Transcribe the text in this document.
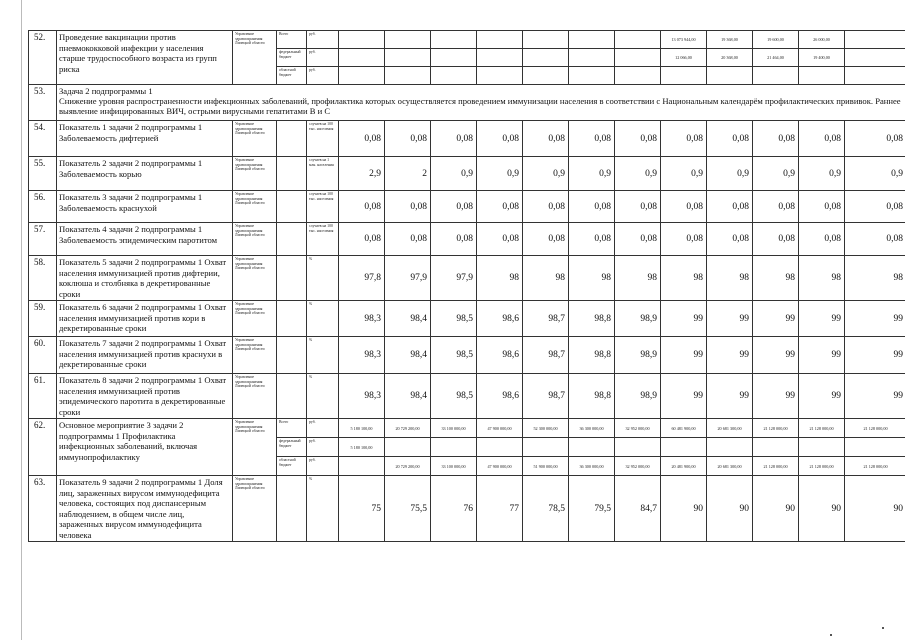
52.	Проведение вакцинации против пневмококковой инфекции у населения старше трудоспособного возраста из групп риска	Управление здравоохранения Липецкой области	Всего	руб.								13 073 944,00	19 368,00	19 600,00	26 000,00	
			федеральный бюджет	руб.								12 066,00	20 368,00	21 464,00	19 400,00	
			областной бюджет	руб.												
53.	Задача 2 подпрограммы 1
Снижение уровня распространенности инфекционных заболеваний, профилактика которых осуществляется проведением иммунизации населения в соответствии с Национальным календарём профилактических прививок. Раннее выявление инфицированных ВИЧ, острыми вирусными гепатитами В и С															

54.	Показатель 1 задачи 2 подпрограммы 1 Заболеваемость дифтерией	Управление здравоохранения Липецкой области		случаев на 100 тыс. населения	0,08	0,08	0,08	0,08	0,08	0,08	0,08	0,08	0,08	0,08	0,08	0,08
55.	Показатель 2 задачи 2 подпрограммы 1 Заболеваемость корью	Управление здравоохранения Липецкой области		случаев на 1 млн. населения	2,9	2	0,9	0,9	0,9	0,9	0,9	0,9	0,9	0,9	0,9	0,9
56.	Показатель 3 задачи 2 подпрограммы 1 Заболеваемость краснухой	Управление здравоохранения Липецкой области		случаев на 100 тыс. населения	0,08	0,08	0,08	0,08	0,08	0,08	0,08	0,08	0,08	0,08	0,08	0,08
57.	Показатель 4 задачи 2 подпрограммы 1 Заболеваемость эпидемическим паротитом	Управление здравоохранения Липецкой области		случаев на 100 тыс. населения	0,08	0,08	0,08	0,08	0,08	0,08	0,08	0,08	0,08	0,08	0,08	0,08
58.	Показатель 5 задачи 2 подпрограммы 1 Охват населения иммунизацией против дифтерии, коклюша и столбняка в декретированные сроки	Управление здравоохранения Липецкой области		%	97,8	97,9	97,9	98	98	98	98	98	98	98	98	98
59.	Показатель 6 задачи 2 подпрограммы 1 Охват населения иммунизацией против кори в декретированные сроки	Управление здравоохранения Липецкой области		%	98,3	98,4	98,5	98,6	98,7	98,8	98,9	99	99	99	99	99
60.	Показатель 7 задачи 2 подпрограммы 1 Охват населения иммунизацией против краснухи в декретированные сроки	Управление здравоохранения Липецкой области		%	98,3	98,4	98,5	98,6	98,7	98,8	98,9	99	99	99	99	99
61.	Показатель 8 задачи 2 подпрограммы 1 Охват населения иммунизацией против эпидемического паротита в декретированные сроки	Управление здравоохранения Липецкой области		%	98,3	98,4	98,5	98,6	98,7	98,8	98,9	99	99	99	99	99
62.	Основное мероприятие 3 задачи 2 подпрограммы 1 Профилактика инфекционных заболеваний, включая иммунопрофилактику	Управление здравоохранения Липецкой области	Всего	руб.	5 180 100,00	20 729 200,00	33 100 000,00	47 900 000,00	52 300 000,00	36 300 000,00	32 952 000,00	60 481 900,00	20 681 300,00	21 128 000,00	21 128 000,00	21 128 000,00
			федеральный бюджет	руб.	5 180 100,00											
			областной бюджет	руб.		20 729 200,00	33 100 000,00	47 900 000,00	51 900 000,00	36 300 000,00	32 952 000,00	20 481 900,00	20 681 300,00	21 128 000,00	21 128 000,00	21 128 000,00
63.	Показатель 9 задачи 2 подпрограммы 1 Доля лиц, зараженных вирусом иммунодефицита человека, состоящих под диспансерным наблюдением, в общем числе лиц, зараженных вирусом иммунодефицита человека	Управление здравоохранения Липецкой области		%	75	75,5	76	77	78,5	79,5	84,7	90	90	90	90	90
